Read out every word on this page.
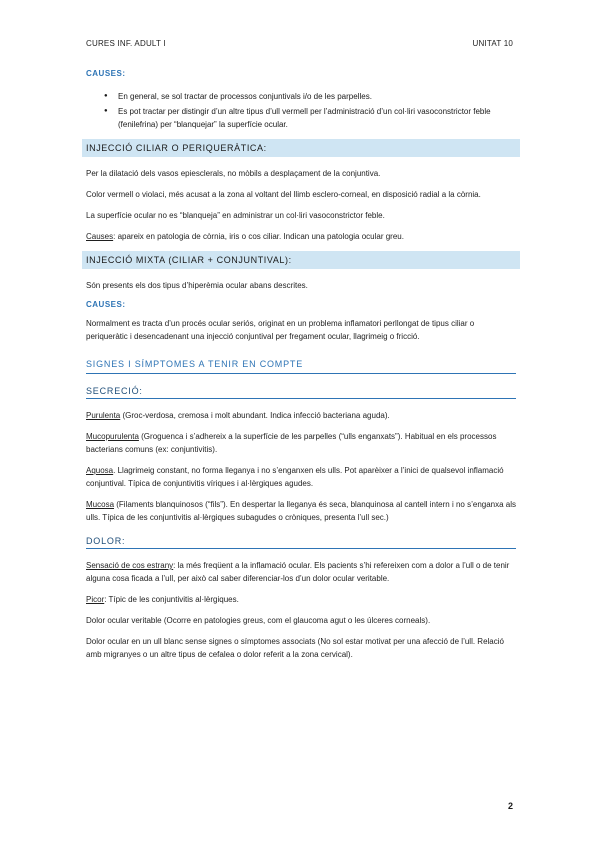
CURES INF. ADULT I	UNITAT 10
CAUSES:
● En general, se sol tractar de processos conjuntivals i/o de les parpelles.
● Es pot tractar per distingir d’un altre tipus d’ull vermell per l’administració d’un col·liri vasoconstrictor feble (fenilefrina) per “blanquejar” la superfície ocular.
INJECCIÓ CILIAR O PERIQUERÀTICA:

Per la dilatació dels vasos epiesclerals, no mòbils a desplaçament de la conjuntiva.

Color vermell o violaci, més acusat a la zona al voltant del llimb esclero-corneal, en disposició radial a la còrnia.

La superfície ocular no es “blanqueja” en administrar un col·liri vasoconstrictor feble.

Causes: apareix en patologia de còrnia, iris o cos ciliar. Indican una patologia ocular greu.

INJECCIÓ MIXTA (CILIAR + CONJUNTIVAL):

Són presents els dos tipus d’hiperèmia ocular abans descrites.

CAUSES:

Normalment es tracta d’un procés ocular seriós, originat en un problema inflamatori perllongat de tipus ciliar o periqueràtic i desencadenant una injecció conjuntival per fregament ocular, llagrimeig o fricció.

SIGNES I SÍMPTOMES A TENIR EN COMPTE
SECRECIÓ:

Purulenta (Groc-verdosa, cremosa i molt abundant. Indica infecció bacteriana aguda).

Mucopurulenta (Groguenca i s’adhereix a la superfície de les parpelles (“ulls enganxats”). Habitual en els processos bacterians comuns (ex: conjuntivitis).

Aquosa. Llagrimeig constant, no forma lleganya i no s’enganxen els ulls. Pot aparèixer a l’inici de qualsevol inflamació conjuntival. Típica de conjuntivitis víriques i al·lèrgiques agudes.

Mucosa (Filaments blanquinosos (“fils”). En despertar la lleganya és seca, blanquinosa al cantell intern i no s’enganxa als ulls. Típica de les conjuntivitis al·lèrgiques subagudes o cròniques, presenta l’ull sec.)

DOLOR:

Sensació de cos estrany: la més freqüent a la inflamació ocular. Els pacients s’hi refereixen com a dolor a l’ull o de tenir alguna cosa ficada a l’ull, per això cal saber diferenciar-los d’un dolor ocular veritable.

Picor: Típic de les conjuntivitis al·lèrgiques.

Dolor ocular veritable (Ocorre en patologies greus, com el glaucoma agut o les úlceres corneals).

Dolor ocular en un ull blanc sense signes o símptomes associats (No sol estar motivat per una afecció de l’ull. Relació amb migranyes o un altre tipus de cefalea o dolor referit a la zona cervical).

2
